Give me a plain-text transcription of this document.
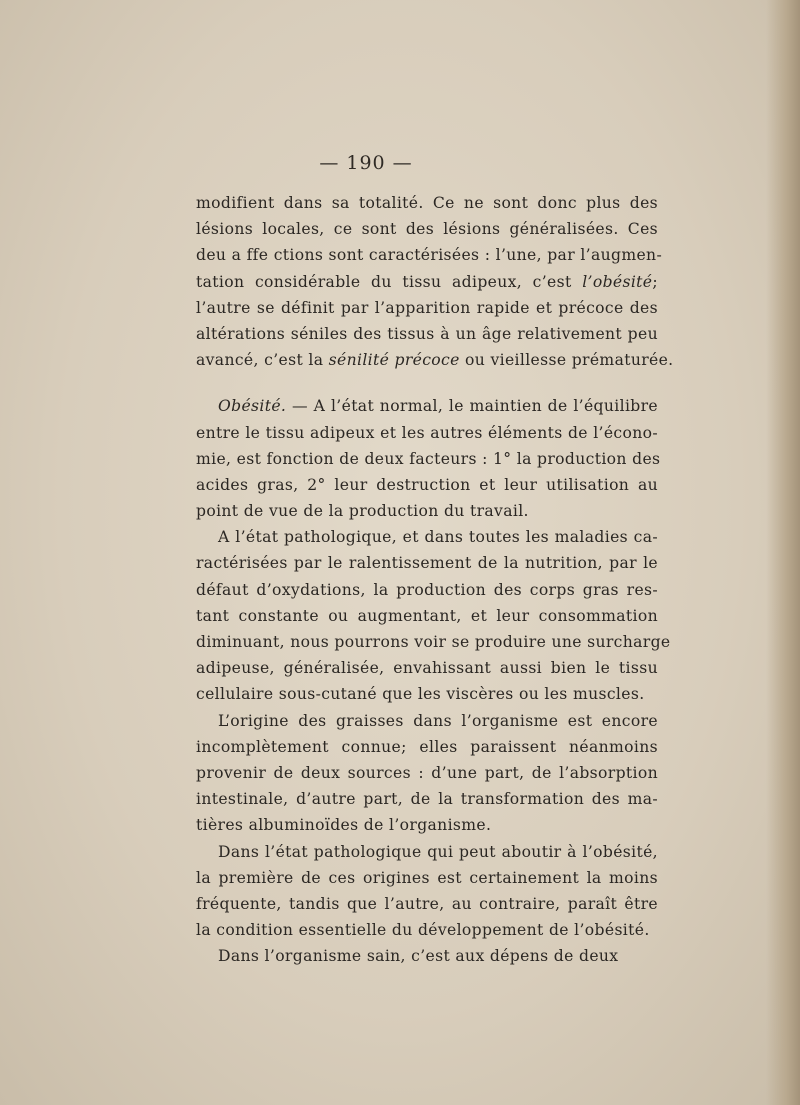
— 190 —
modifient dans sa totalité. Ce ne sont donc plus des
lésions locales, ce sont des lésions généralisées. Ces
deu a ffe ctions sont caractérisées : l’une, par l’augmen-
tation considérable du tissu adipeux, c’est l’obésité;
l’autre se définit par l’apparition rapide et précoce des
altérations séniles des tissus à un âge relativement peu
avancé, c’est la sénilité précoce ou vieillesse prématurée.
Obésité. — A l’état normal, le maintien de l’équilibre
entre le tissu adipeux et les autres éléments de l’écono-
mie, est fonction de deux facteurs : 1° la production des
acides gras, 2° leur destruction et leur utilisation au
point de vue de la production du travail.
A l’état pathologique, et dans toutes les maladies ca-
ractérisées par le ralentissement de la nutrition, par le
défaut d’oxydations, la production des corps gras res-
tant constante ou augmentant, et leur consommation
diminuant, nous pourrons voir se produire une surcharge
adipeuse, généralisée, envahissant aussi bien le tissu
cellulaire sous-cutané que les viscères ou les muscles.
L’origine des graisses dans l’organisme est encore
incomplètement connue; elles paraissent néanmoins
provenir de deux sources : d’une part, de l’absorption
intestinale, d’autre part, de la transformation des ma-
tières albuminoïdes de l’organisme.
Dans l’état pathologique qui peut aboutir à l’obésité,
la première de ces origines est certainement la moins
fréquente, tandis que l’autre, au contraire, paraît être
la condition essentielle du développement de l’obésité.
Dans l’organisme sain, c’est aux dépens de deux
